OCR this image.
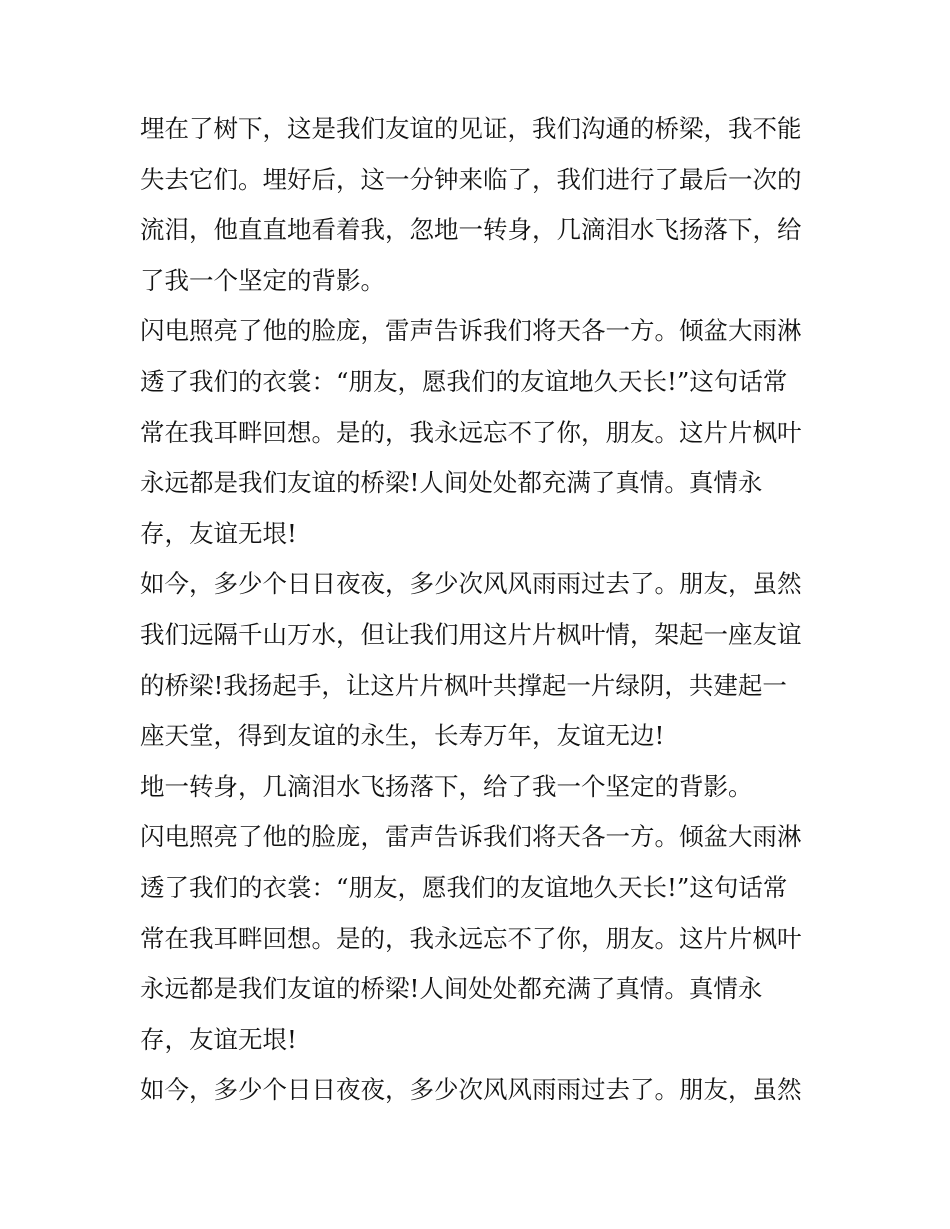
埋在了树下，这是我们友谊的见证，我们沟通的桥梁，我不能
失去它们。埋好后，这一分钟来临了，我们进行了最后一次的
流泪，他直直地看着我，忽地一转身，几滴泪水飞扬落下，给
了我一个坚定的背影。
闪电照亮了他的脸庞，雷声告诉我们将天各一方。倾盆大雨淋
透了我们的衣裳：“朋友，愿我们的友谊地久天长!”这句话常
常在我耳畔回想。是的，我永远忘不了你，朋友。这片片枫叶
永远都是我们友谊的桥梁!人间处处都充满了真情。真情永
存，友谊无垠!
如今，多少个日日夜夜，多少次风风雨雨过去了。朋友，虽然
我们远隔千山万水，但让我们用这片片枫叶情，架起一座友谊
的桥梁!我扬起手，让这片片枫叶共撑起一片绿阴，共建起一
座天堂，得到友谊的永生，长寿万年，友谊无边!
地一转身，几滴泪水飞扬落下，给了我一个坚定的背影。
闪电照亮了他的脸庞，雷声告诉我们将天各一方。倾盆大雨淋
透了我们的衣裳：“朋友，愿我们的友谊地久天长!”这句话常
常在我耳畔回想。是的，我永远忘不了你，朋友。这片片枫叶
永远都是我们友谊的桥梁!人间处处都充满了真情。真情永
存，友谊无垠!
如今，多少个日日夜夜，多少次风风雨雨过去了。朋友，虽然
